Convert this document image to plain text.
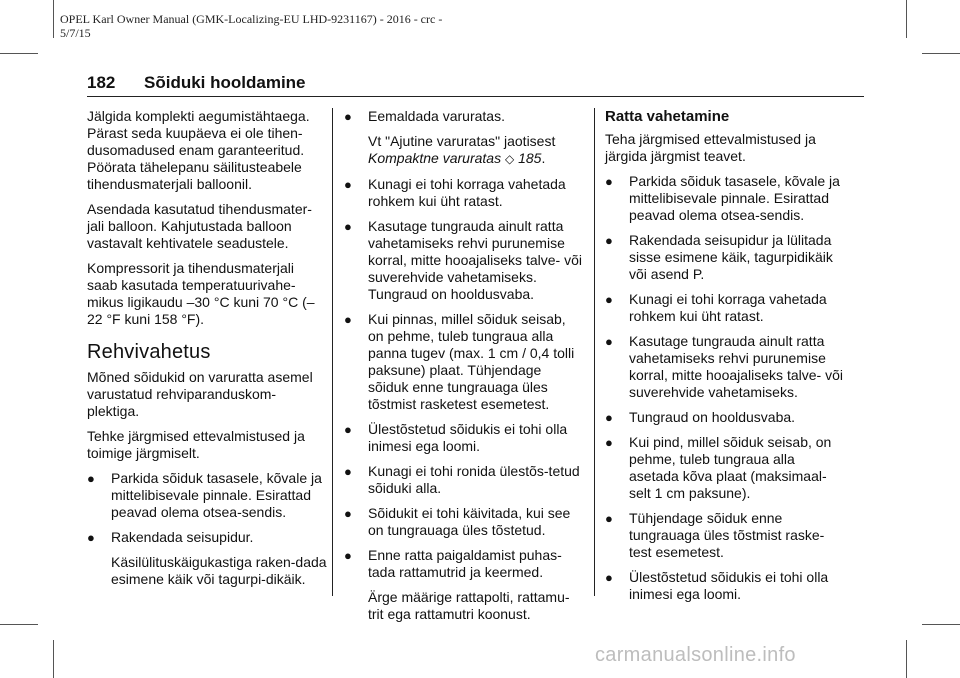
OPEL Karl Owner Manual (GMK-Localizing-EU LHD-9231167) - 2016 - crc -
5/7/15
182 Sõiduki hooldamine

Jälgida komplekti aegumistähtaega. Pärast seda kuupäeva ei ole tihen-dusomadused enam garanteeritud. Pöörata tähelepanu säilitusteabele tihendusmaterjali balloonil.

Asendada kasutatud tihendusmater-jali balloon. Kahjutustada balloon vastavalt kehtivatele seadustele.

Kompressorit ja tihendusmaterjali saab kasutada temperatuurivahe-mikus ligikaudu –30 °C kuni 70 °C (–22 °F kuni 158 °F).

Rehvivahetus

Mõned sõidukid on varuratta asemel varustatud rehviparanduskom-plektiga.

Tehke järgmised ettevalmistused ja toimige järgmiselt.

● Parkida sõiduk tasasele, kõvale ja mittelibisevale pinnale. Esirattad peavad olema otsea-sendis.
● Rakendada seisupidur.

Käsilülituskäigukastiga raken-dada esimene käik või tagurpi-dikäik.

● Eemaldada varuratas.

Vt "Ajutine varuratas" jaotisest
Kompaktne varuratas ◇ 185.

● Kunagi ei tohi korraga vahetada rohkem kui üht ratast.
● Kasutage tungrauda ainult ratta vahetamiseks rehvi purunemise korral, mitte hooajaliseks talve- või suverehvide vahetamiseks. Tungraud on hooldusvaba.
● Kui pinnas, millel sõiduk seisab, on pehme, tuleb tungraua alla panna tugev (max. 1 cm / 0,4 tolli paksune) plaat. Tühjendage sõiduk enne tungrauaga üles tõstmist rasketest esemetest.
● Ülestõstetud sõidukis ei tohi olla inimesi ega loomi.
● Kunagi ei tohi ronida ülestõs-tetud sõiduki alla.
● Sõidukit ei tohi käivitada, kui see on tungrauaga üles tõstetud.
● Enne ratta paigaldamist puhas-tada rattamutrid ja keermed.

Ärge määrige rattapolti, rattamu-trit ega rattamutri koonust.

Ratta vahetamine

Teha järgmised ettevalmistused ja järgida järgmist teavet.

● Parkida sõiduk tasasele, kõvale ja mittelibisevale pinnale. Esirattad peavad olema otsea-sendis.
● Rakendada seisupidur ja lülitada sisse esimene käik, tagurpidikäik või asend P.
● Kunagi ei tohi korraga vahetada rohkem kui üht ratast.
● Kasutage tungrauda ainult ratta vahetamiseks rehvi purunemise korral, mitte hooajaliseks talve- või suverehvide vahetamiseks.
● Tungraud on hooldusvaba.
● Kui pind, millel sõiduk seisab, on pehme, tuleb tungraua alla asetada kõva plaat (maksimaal-selt 1 cm paksune).
● Tühjendage sõiduk enne tungrauaga üles tõstmist raske-test esemetest.
● Ülestõstetud sõidukis ei tohi olla inimesi ega loomi.
carmanualsonline.info
